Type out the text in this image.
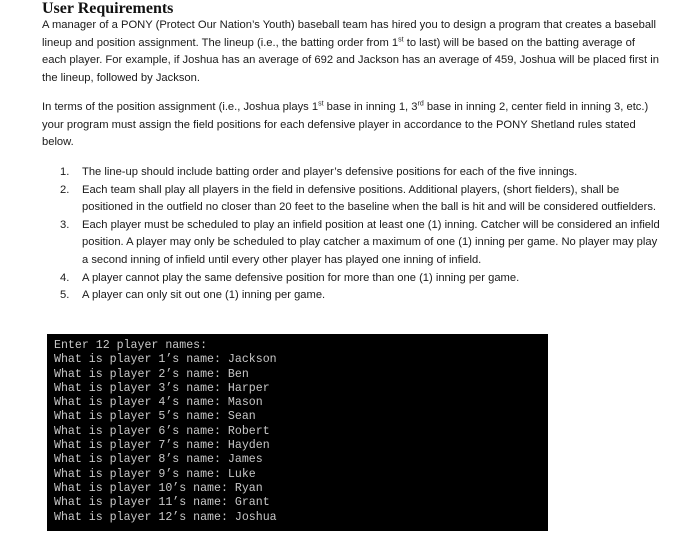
User Requirements
A manager of a PONY (Protect Our Nation’s Youth) baseball team has hired you to design a program that creates a baseball lineup and position assignment. The lineup (i.e., the batting order from 1st to last) will be based on the batting average of each player. For example, if Joshua has an average of 692 and Jackson has an average of 459, Joshua will be placed first in the lineup, followed by Jackson.
In terms of the position assignment (i.e., Joshua plays 1st base in inning 1, 3rd base in inning 2, center field in inning 3, etc.) your program must assign the field positions for each defensive player in accordance to the PONY Shetland rules stated below.
1. The line-up should include batting order and player’s defensive positions for each of the five innings.
2. Each team shall play all players in the field in defensive positions. Additional players, (short fielders), shall be positioned in the outfield no closer than 20 feet to the baseline when the ball is hit and will be considered outfielders.
3. Each player must be scheduled to play an infield position at least one (1) inning. Catcher will be considered an infield position. A player may only be scheduled to play catcher a maximum of one (1) inning per game. No player may play a second inning of infield until every other player has played one inning of infield.
4. A player cannot play the same defensive position for more than one (1) inning per game.
5. A player can only sit out one (1) inning per game.
Enter 12 player names:
What is player 1’s name: Jackson
What is player 2’s name: Ben
What is player 3’s name: Harper
What is player 4’s name: Mason
What is player 5’s name: Sean
What is player 6’s name: Robert
What is player 7’s name: Hayden
What is player 8’s name: James
What is player 9’s name: Luke
What is player 10’s name: Ryan
What is player 11’s name: Grant
What is player 12’s name: Joshua
